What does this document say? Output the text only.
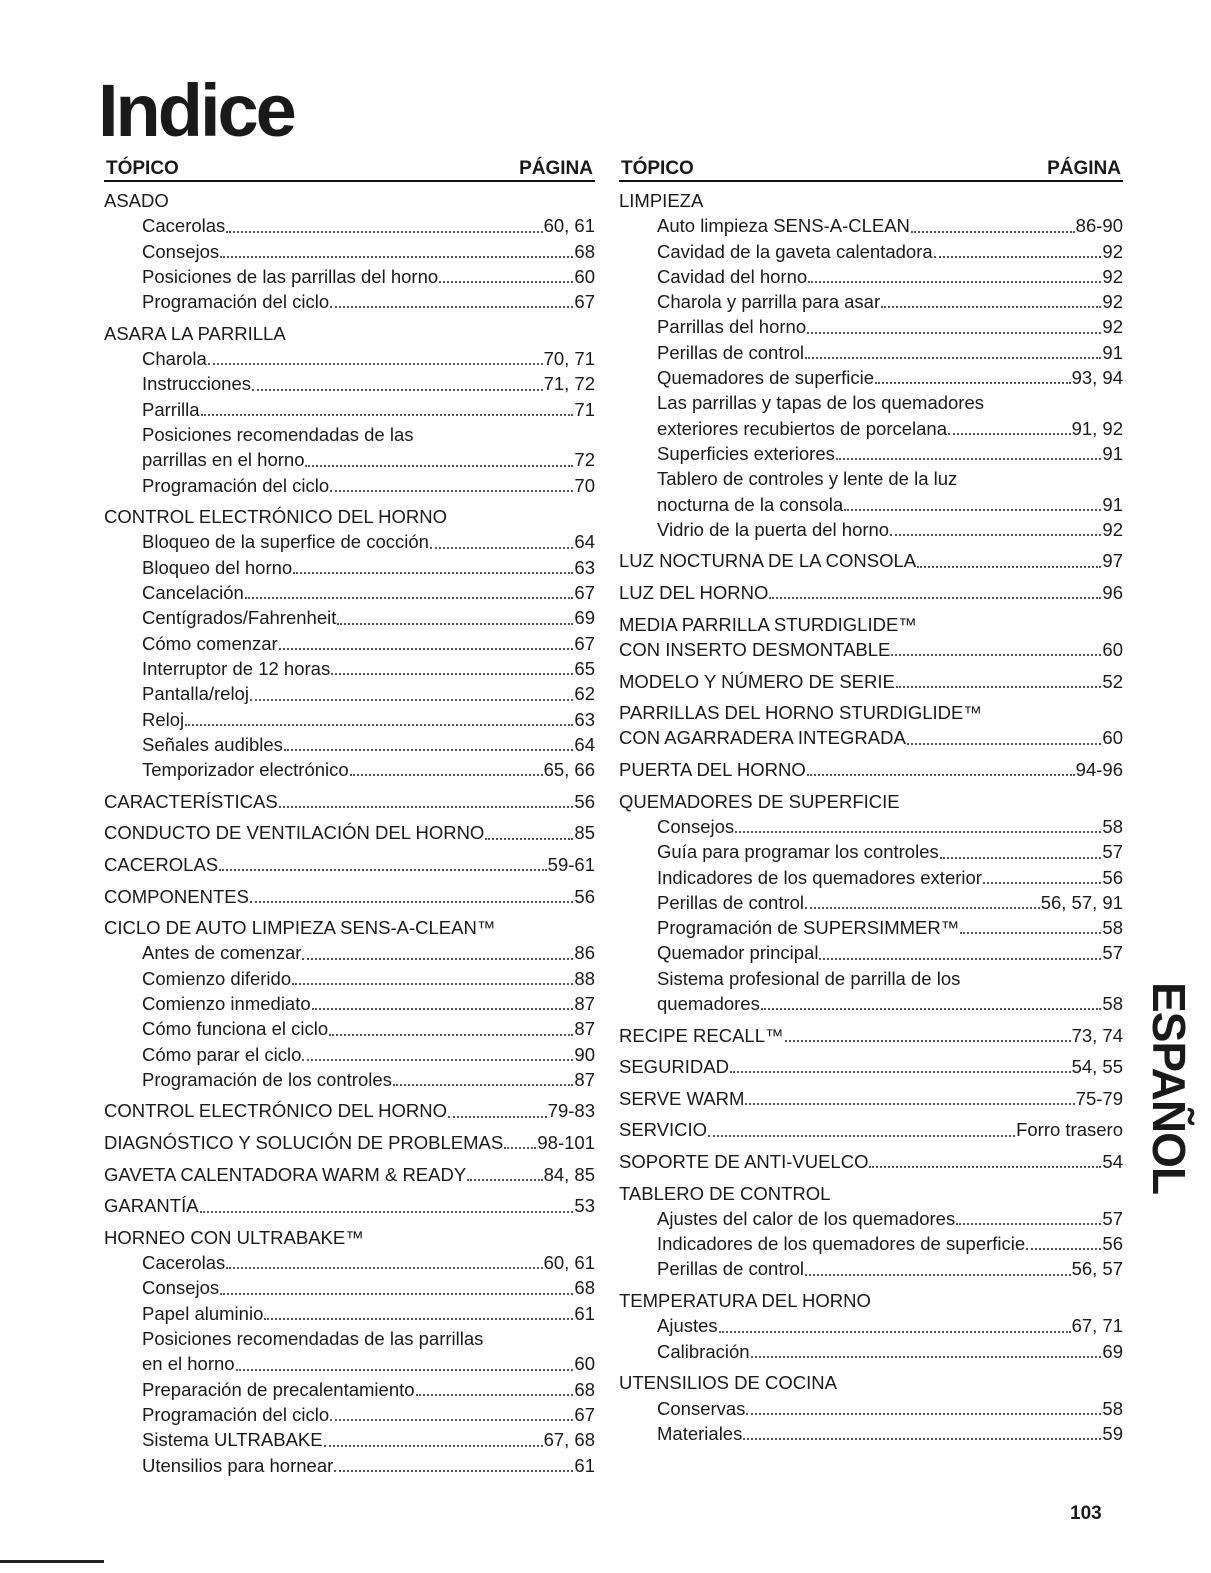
Indice
TÓPICO	PÁGINA
ASADO
Cacerolas	60, 61
Consejos	68
Posiciones de las parrillas del horno	60
Programación del ciclo	67
ASARA LA PARRILLA
Charola	70, 71
Instrucciones	71, 72
Parrilla	71
Posiciones recomendadas de las
parrillas en el horno	72
Programación del ciclo	70
CONTROL ELECTRÓNICO DEL HORNO
Bloqueo de la superfice de cocción	64
Bloqueo del horno	63
Cancelación	67
Centígrados/Fahrenheit	69
Cómo comenzar	67
Interruptor de 12 horas	65
Pantalla/reloj	62
Reloj	63
Señales audibles	64
Temporizador electrónico	65, 66
CARACTERÍSTICAS	56
CONDUCTO DE VENTILACIÓN DEL HORNO	85
CACEROLAS	59-61
COMPONENTES	56
CICLO DE AUTO LIMPIEZA SENS-A-CLEAN™
Antes de comenzar	86
Comienzo diferido	88
Comienzo inmediato	87
Cómo funciona el ciclo	87
Cómo parar el ciclo	90
Programación de los controles	87
CONTROL ELECTRÓNICO DEL HORNO	79-83
DIAGNÓSTICO Y SOLUCIÓN DE PROBLEMAS 98-101
GAVETA CALENTADORA WARM & READY	84, 85
GARANTÍA	53
HORNEO CON ULTRABAKE™
Cacerolas	60, 61
Consejos	68
Papel aluminio	61
Posiciones recomendadas de las parrillas
en el horno	60
Preparación de precalentamiento	68
Programación del ciclo	67
Sistema ULTRABAKE	67, 68
Utensilios para hornear	61
TÓPICO	PÁGINA
LIMPIEZA
Auto limpieza SENS-A-CLEAN	86-90
Cavidad de la gaveta calentadora	92
Cavidad del horno	92
Charola y parrilla para asar	92
Parrillas del horno	92
Perillas de control	91
Quemadores de superficie	93, 94
Las parrillas y tapas de los quemadores
exteriores recubiertos de porcelana	91, 92
Superficies exteriores	91
Tablero de controles y lente de la luz
nocturna de la consola	91
Vidrio de la puerta del horno	92
LUZ NOCTURNA DE LA CONSOLA	97
LUZ DEL HORNO	96
MEDIA PARRILLA STURDIGLIDE™
CON INSERTO DESMONTABLE	60
MODELO Y NÚMERO DE SERIE	52
PARRILLAS DEL HORNO STURDIGLIDE™
CON AGARRADERA INTEGRADA	60
PUERTA DEL HORNO	94-96
QUEMADORES DE SUPERFICIE
Consejos	58
Guía para programar los controles	57
Indicadores de los quemadores exterior	56
Perillas de control	56, 57, 91
Programación de SUPERSIMMER™	58
Quemador principal	57
Sistema profesional de parrilla de los
quemadores	58
RECIPE RECALL™	73, 74
SEGURIDAD	54, 55
SERVE WARM	75-79
SERVICIO	Forro trasero
SOPORTE DE ANTI-VUELCO	54
TABLERO DE CONTROL
Ajustes del calor de los quemadores	57
Indicadores de los quemadores de superficie	56
Perillas de control	56, 57
TEMPERATURA DEL HORNO
Ajustes	67, 71
Calibración	69
UTENSILIOS DE COCINA
Conservas	58
Materiales	59
ESPAÑOL
103
